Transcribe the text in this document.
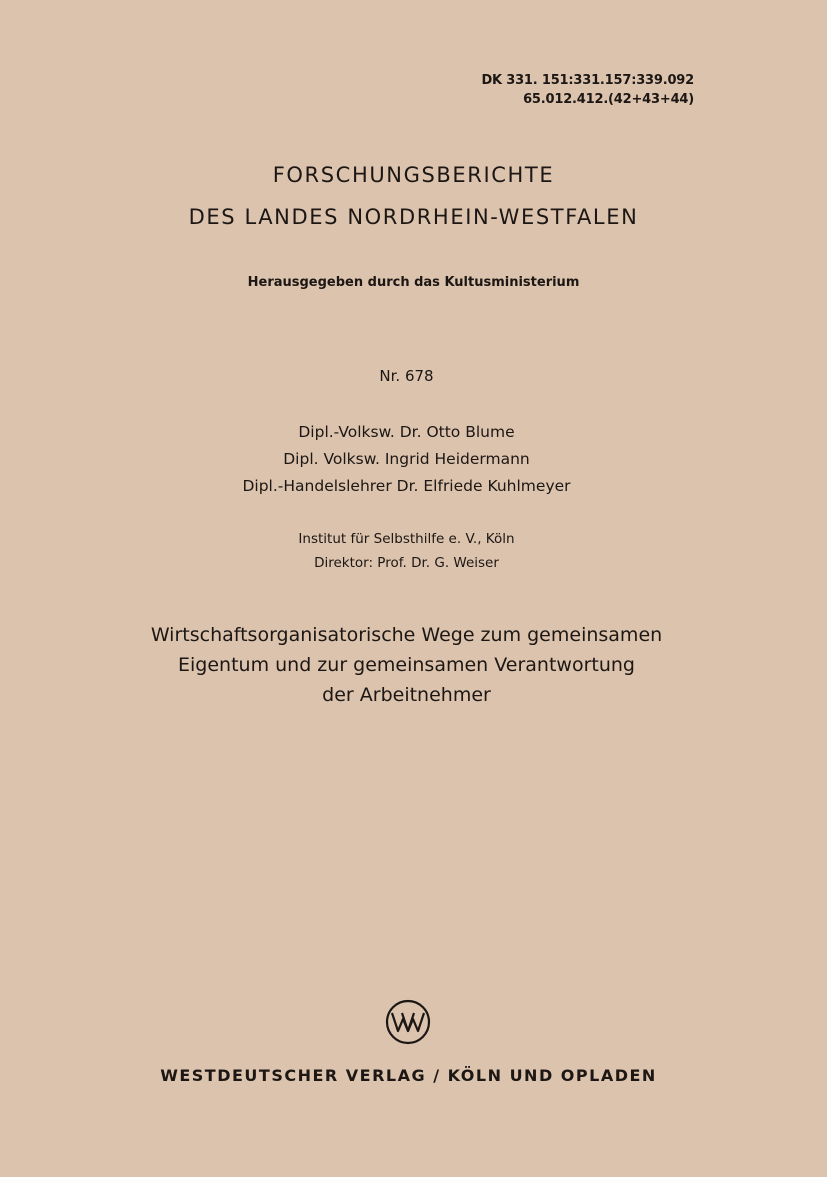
DK 331. 151:331.157:339.092
65.012.412.(42+43+44)
FORSCHUNGSBERICHTE
DES LANDES NORDRHEIN-WESTFALEN
Herausgegeben durch das Kultusministerium
Nr. 678
Dipl.-Volksw. Dr. Otto Blume
Dipl. Volksw. Ingrid Heidermann
Dipl.-Handelslehrer Dr. Elfriede Kuhlmeyer
Institut für Selbsthilfe e. V., Köln
Direktor: Prof. Dr. G. Weiser
Wirtschaftsorganisatorische Wege zum gemeinsamen
Eigentum und zur gemeinsamen Verantwortung
der Arbeitnehmer
WESTDEUTSCHER VERLAG / KÖLN UND OPLADEN
